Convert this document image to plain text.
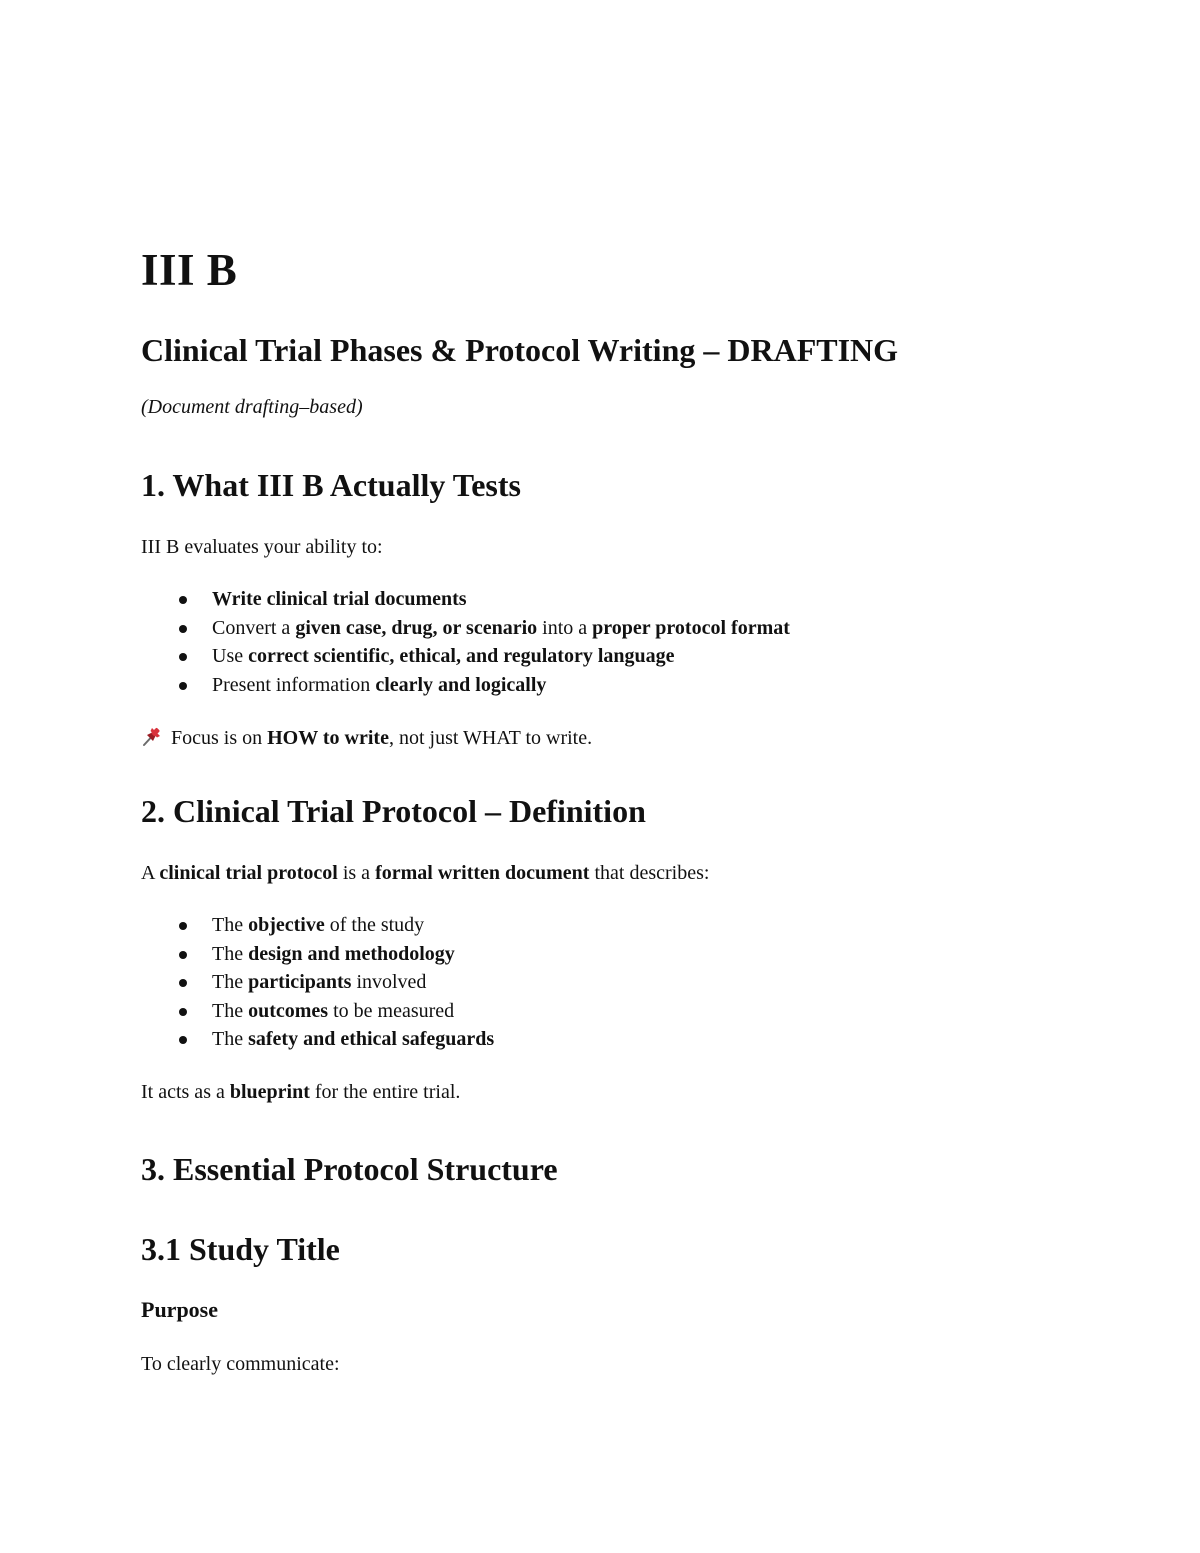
III B
Clinical Trial Phases & Protocol Writing – DRAFTING
(Document drafting–based)
1. What III B Actually Tests

III B evaluates your ability to:

Write clinical trial documents
Convert a given case, drug, or scenario into a proper protocol format
Use correct scientific, ethical, and regulatory language
Present information clearly and logically

Focus is on HOW to write, not just WHAT to write.

2. Clinical Trial Protocol – Definition

A clinical trial protocol is a formal written document that describes:

The objective of the study
The design and methodology
The participants involved
The outcomes to be measured
The safety and ethical safeguards

It acts as a blueprint for the entire trial.

3. Essential Protocol Structure
3.1 Study Title
Purpose

To clearly communicate:
